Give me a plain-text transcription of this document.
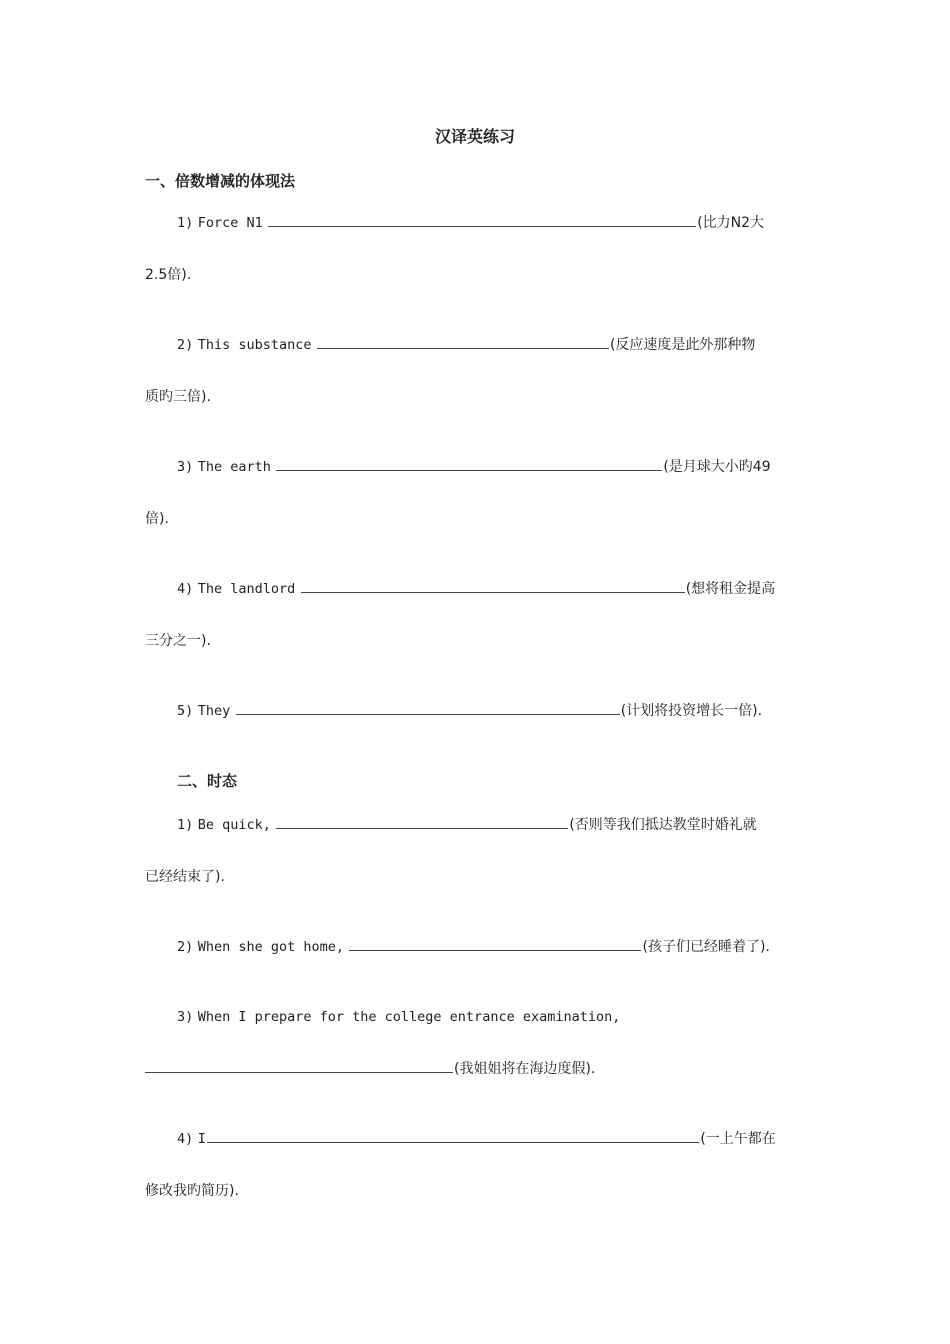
汉译英练习
一、倍数增减的体现法
1) Force N1	(比力N2大
2.5倍).
2) This substance	(反应速度是此外那种物
质旳三倍).
3) The earth	(是月球大小旳49
倍).
4) The landlord	(想将租金提高
三分之一).
5) They	(计划将投资增长一倍).
二、时态
1) Be quick,	(否则等我们抵达教堂时婚礼就
已经结束了).
2) When she got home,	(孩子们已经睡着了).
3) When I prepare for the college entrance examination,
(我姐姐将在海边度假).
4) I	(一上午都在
修改我旳简历).
